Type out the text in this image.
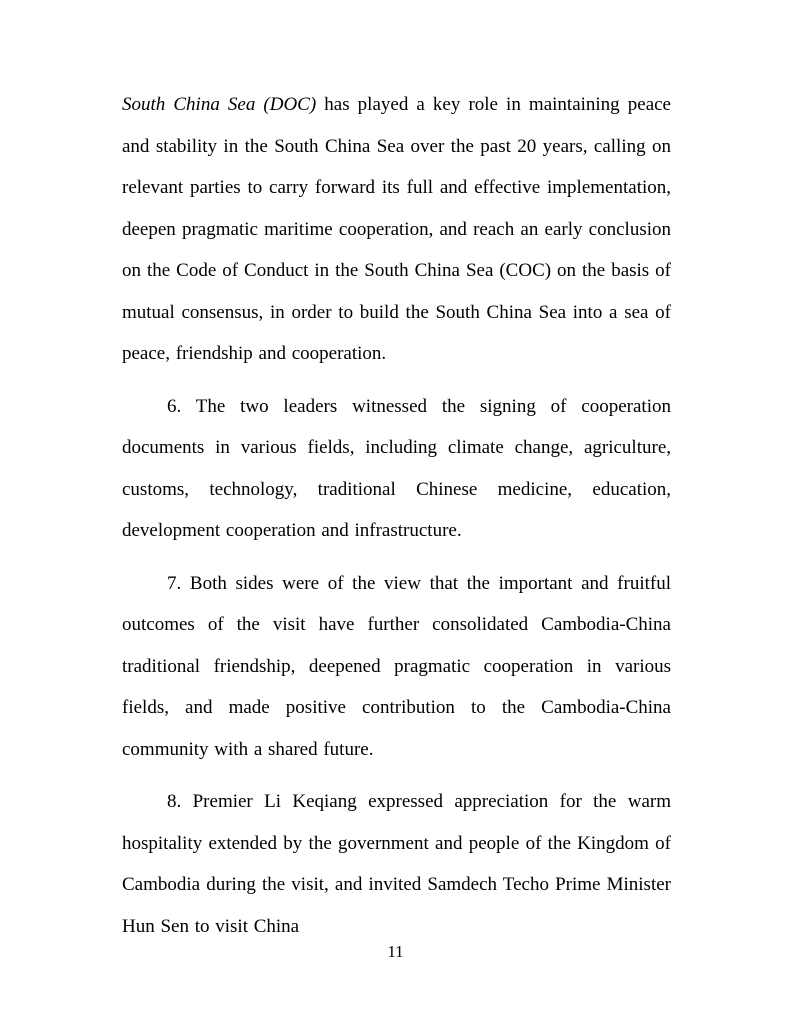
South China Sea (DOC) has played a key role in maintaining peace and stability in the South China Sea over the past 20 years, calling on relevant parties to carry forward its full and effective implementation, deepen pragmatic maritime cooperation, and reach an early conclusion on the Code of Conduct in the South China Sea (COC) on the basis of mutual consensus, in order to build the South China Sea into a sea of peace, friendship and cooperation.

6. The two leaders witnessed the signing of cooperation documents in various fields, including climate change, agriculture, customs, technology, traditional Chinese medicine, education, development cooperation and infrastructure.

7. Both sides were of the view that the important and fruitful outcomes of the visit have further consolidated Cambodia-China traditional friendship, deepened pragmatic cooperation in various fields, and made positive contribution to the Cambodia-China community with a shared future.

8. Premier Li Keqiang expressed appreciation for the warm hospitality extended by the government and people of the Kingdom of Cambodia during the visit, and invited Samdech Techo Prime Minister Hun Sen to visit China

11
